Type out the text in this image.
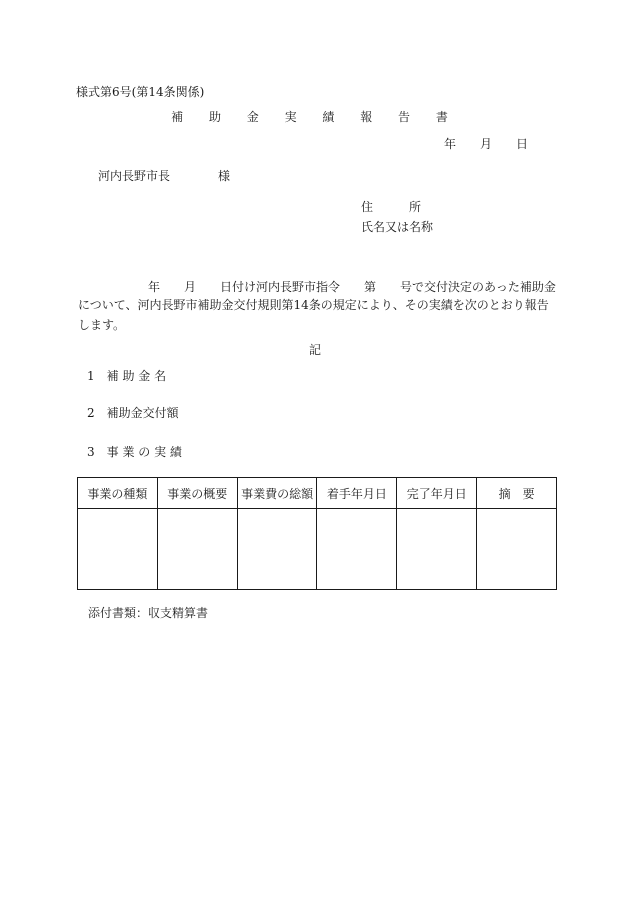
様式第6号(第14条関係)
補 助 金 実 績 報 告 書
年	月	日
河内長野市長　　　　様
住　　　所
氏名又は名称
年　　月　　日付け河内長野市指令　　第　　号で交付決定のあった補助金
について、河内長野市補助金交付規則第14条の規定により、その実績を次のとおり報告
します。
記
1　補 助 金 名
2　補助金交付額
3　事 業 の 実 績
事業の種類	事業の概要	事業費の総額	着手年月日	完了年月日	摘　要

添付書類：収支精算書
